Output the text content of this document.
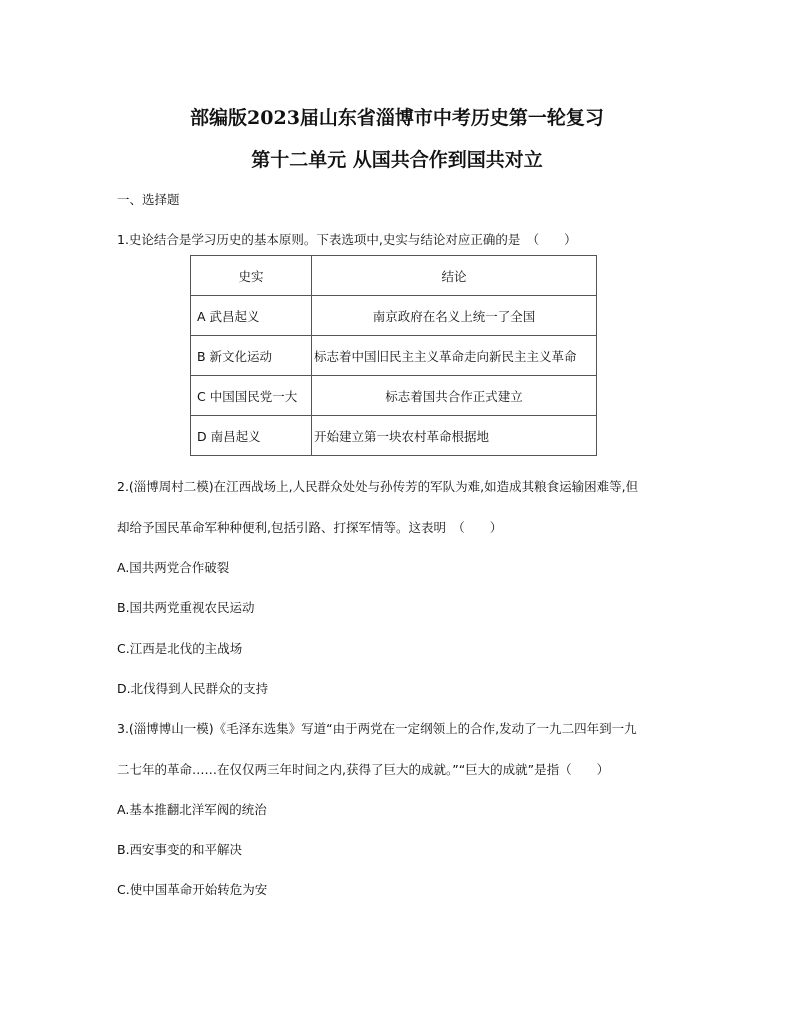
部编版2023届山东省淄博市中考历史第一轮复习
第十二单元 从国共合作到国共对立
一、选择题
1.史论结合是学习历史的基本原则。下表选项中,史实与结论对应正确的是　（　　）
史实	结论
A 武昌起义	南京政府在名义上统一了全国
B 新文化运动	标志着中国旧民主主义革命走向新民主主义革命
C 中国国民党一大	标志着国共合作正式建立
D 南昌起义	开始建立第一块农村革命根据地
2.(淄博周村二模)在江西战场上,人民群众处处与孙传芳的军队为难,如造成其粮食运输困难等,但
却给予国民革命军种种便利,包括引路、打探军情等。这表明　（　　）
A.国共两党合作破裂
B.国共两党重视农民运动
C.江西是北伐的主战场
D.北伐得到人民群众的支持
3.(淄博博山一模)《毛泽东选集》写道“由于两党在一定纲领上的合作,发动了一九二四年到一九
二七年的革命……在仅仅两三年时间之内,获得了巨大的成就。”“巨大的成就”是指（　　）
A.基本推翻北洋军阀的统治
B.西安事变的和平解决
C.使中国革命开始转危为安
